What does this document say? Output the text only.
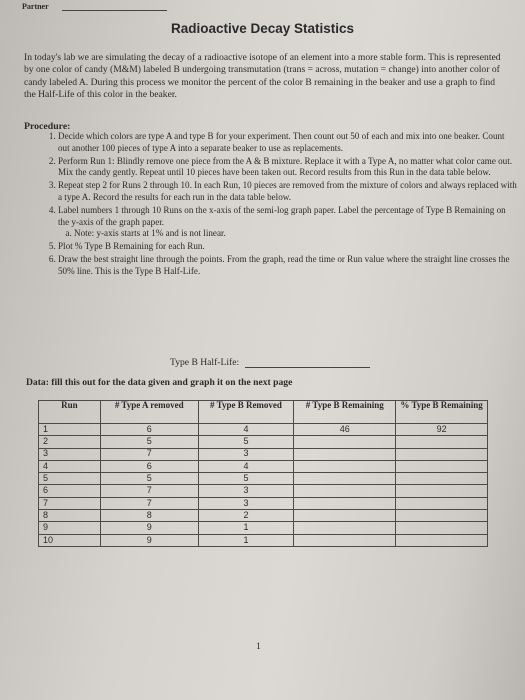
Partner
Radioactive Decay Statistics

In today's lab we are simulating the decay of a radioactive isotope of an element into a more stable form. This is represented by one color of candy (M&M) labeled B undergoing transmutation (trans = across, mutation = change) into another color of candy labeled A. During this process we monitor the percent of the color B remaining in the beaker and use a graph to find the Half-Life of this color in the beaker.

Procedure:
1. Decide which colors are type A and type B for your experiment. Then count out 50 of each and mix into one beaker. Count out another 100 pieces of type A into a separate beaker to use as replacements.
2. Perform Run 1: Blindly remove one piece from the A & B mixture. Replace it with a Type A, no matter what color came out. Mix the candy gently. Repeat until 10 pieces have been taken out. Record results from this Run in the data table below.
3. Repeat step 2 for Runs 2 through 10. In each Run, 10 pieces are removed from the mixture of colors and always replaced with a type A. Record the results for each run in the data table below.
4. Label numbers 1 through 10 Runs on the x-axis of the semi-log graph paper. Label the percentage of Type B Remaining on the y-axis of the graph paper.
a. Note: y-axis starts at 1% and is not linear.
5. Plot % Type B Remaining for each Run.
6. Draw the best straight line through the points. From the graph, read the time or Run value where the straight line crosses the 50% line. This is the Type B Half-Life.
Type B Half-Life:
Data: fill this out for the data given and graph it on the next page
Run	# Type A removed	# Type B Removed	# Type B Remaining	% Type B Remaining
1	6	4	46	92
2	5	5		
3	7	3		
4	6	4		
5	5	5		
6	7	3		
7	7	3		
8	8	2		
9	9	1		
10	9	1		
1
